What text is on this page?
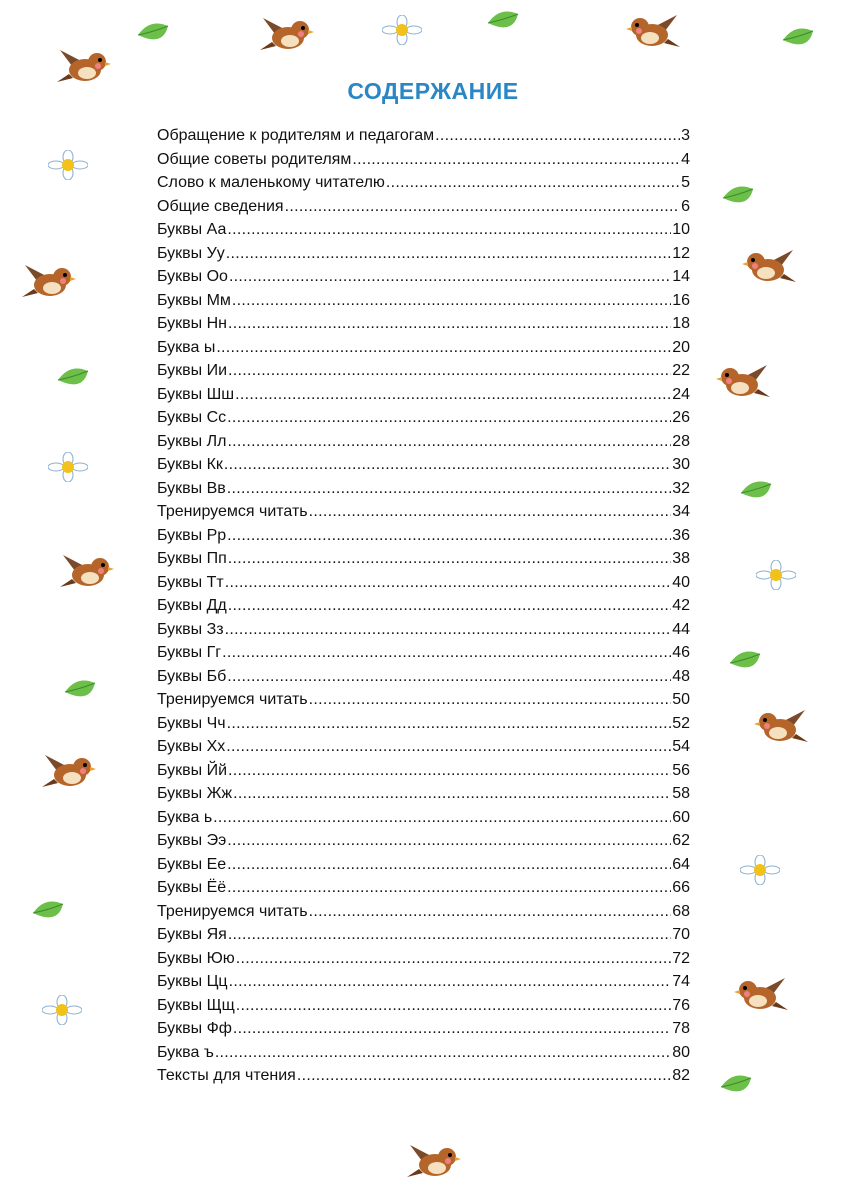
СОДЕРЖАНИЕ
Обращение к родителям и педагогам .....	3
Общие советы родителям .....	4
Слово к маленькому читателю .....	5
Общие сведения .....	6
Буквы Аа .....	10
Буквы Уу .....	12
Буквы Оо .....	14
Буквы Мм .....	16
Буквы Нн .....	18
Буква ы .....	20
Буквы Ии .....	22
Буквы Шш .....	24
Буквы Сс .....	26
Буквы Лл .....	28
Буквы Кк .....	30
Буквы Вв .....	32
Тренируемся читать .....	34
Буквы Рр .....	36
Буквы Пп .....	38
Буквы Тт .....	40
Буквы Дд .....	42
Буквы Зз .....	44
Буквы Гг .....	46
Буквы Бб .....	48
Тренируемся читать .....	50
Буквы Чч .....	52
Буквы Хх .....	54
Буквы Йй .....	56
Буквы Жж .....	58
Буква ь .....	60
Буквы Ээ .....	62
Буквы Ее .....	64
Буквы Ёё .....	66
Тренируемся читать .....	68
Буквы Яя .....	70
Буквы Юю .....	72
Буквы Цц .....	74
Буквы Щщ .....	76
Буквы Фф .....	78
Буква ъ .....	80
Тексты для чтения .....	82
